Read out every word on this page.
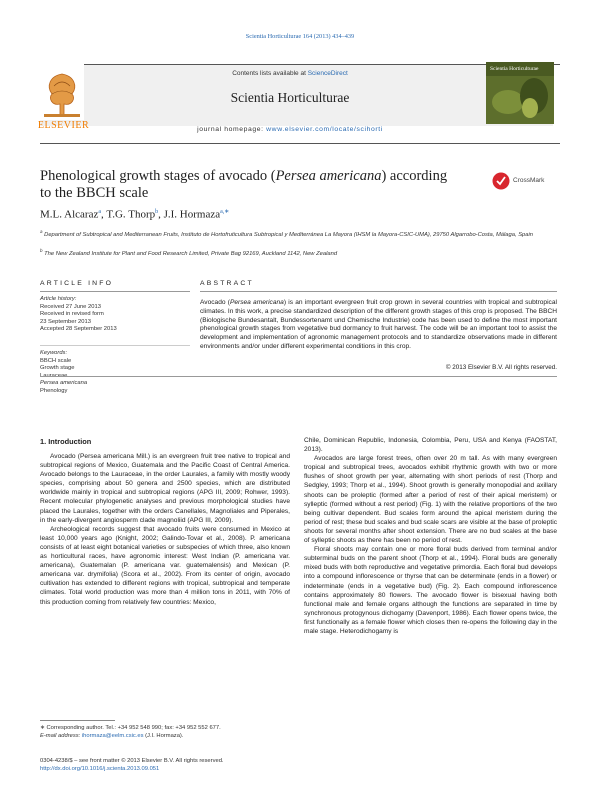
Scientia Horticulturae 164 (2013) 434–439
ELSEVIER
Contents lists available at ScienceDirect
Scientia Horticulturae
journal homepage: www.elsevier.com/locate/scihorti
Scientia Horticulturae
Phenological growth stages of avocado (Persea americana) according to the BBCH scale
CrossMark
M.L. Alcaraz$^a$, T.G. Thorp$^b$, J.I. Hormaza$^{a,∗}$
$^a$ Department of Subtropical and Mediterranean Fruits, Instituto de Hortofruticultura Subtropical y Mediterránea La Mayora (IHSM la Mayora-CSIC-UMA), 29750 Algarrobo-Costa, Málaga, Spain
$^b$ The New Zealand Institute for Plant and Food Research Limited, Private Bag 92169, Auckland 1142, New Zealand
ARTICLE INFO
Article history:
Received 27 June 2013
Received in revised form
23 September 2013
Accepted 28 September 2013
Keywords:
BBCH scale
Growth stage
Persea americana
Phenology
ABSTRACT
Avocado (Persea americana) is an important evergreen fruit crop grown in several countries with tropical and subtropical climates. In this work, a precise standardized description of the different growth stages of this crop is proposed. The BBCH (Biologische Bundesantalt, Bundessortenamt und Chemische Industrie) code has been used to define the most important phenological growth stages from vegetative bud dormancy to fruit harvest. The code will be an important tool to assist the development and implementation of agronomic management protocols and to standardize observations made in different environments and/or under different experimental conditions in this crop.
© 2013 Elsevier B.V. All rights reserved.
1. Introduction

Avocado (Persea americana Mill.) is an evergreen fruit tree native to tropical and subtropical regions of Mexico, Guatemala and the Pacific Coast of Central America. Avocado belongs to the Lauraceae, in the order Laurales, a family with mostly woody species, comprising about 50 genera and 2500 species, which are distributed worldwide mainly in tropical and subtropical regions (APG III, 2009; Rohwer, 1993). Recent molecular phylogenetic analyses and previous morphological studies have placed the Laurales, together with the orders Canellales, Magnoliales and Piperales, in the early-divergent angiosperm clade magnoliid (APG III, 2009).

Archeological records suggest that avocado fruits were consumed in Mexico at least 10,000 years ago (Knight, 2002; Galindo-Tovar et al., 2008). P. americana consists of at least eight botanical varieties or subspecies of which three, also known as horticultural races, have agronomic interest: West Indian (P. americana var. americana), Guatemalan (P. americana var. guatemalensis) and Mexican (P. americana var. drymifolia) (Scora et al., 2002). From its center of origin, avocado cultivation has extended to different regions with tropical, subtropical and temperate climates. Total world production was more than 4 million tons in 2011, with 70% of this production coming from relatively few countries: Mexico,

Chile, Dominican Republic, Indonesia, Colombia, Peru, USA and Kenya (FAOSTAT, 2013).

Avocados are large forest trees, often over 20 m tall. As with many evergreen tropical and subtropical trees, avocados exhibit rhythmic growth with two or more flushes of shoot growth per year, alternating with short periods of rest (Thorp and Sedgley, 1993; Thorp et al., 1994). Shoot growth is generally monopodial and axillary shoots can be proleptic (formed after a period of rest of their apical meristem) or sylleptic (formed without a rest period) (Fig. 1) with the relative proportions of the two being cultivar dependent. Bud scales form around the apical meristem during the period of rest; these bud scales and bud scale scars are visible at the base of proleptic shoots for several months after shoot extension. There are no bud scales at the base of sylleptic shoots as there has been no period of rest.

Floral shoots may contain one or more floral buds derived from terminal and/or subterminal buds on the parent shoot (Thorp et al., 1994). Floral buds are generally mixed buds with both reproductive and vegetative primordia. Each floral bud develops into a compound inflorescence or thyrse that can be determinate (ends in a flower) or indeterminate (ends in a vegetative bud) (Fig. 2). Each compound inflorescence contains approximately 80 flowers. The avocado flower is bisexual having both functional male and female organs although the functions are separated in time by synchronous protogynous dichogamy (Davenport, 1986). Each flower opens twice, the first functionally as a female flower which closes then re-opens the following day in the male stage. Heterodichogamy is

∗ Corresponding author. Tel.: +34 952 548 990; fax: +34 952 552 677.
E-mail address: ihormaza@eelm.csic.es (J.I. Hormaza).
0304-4238/$ – see front matter © 2013 Elsevier B.V. All rights reserved.
http://dx.doi.org/10.1016/j.scienta.2013.09.051
